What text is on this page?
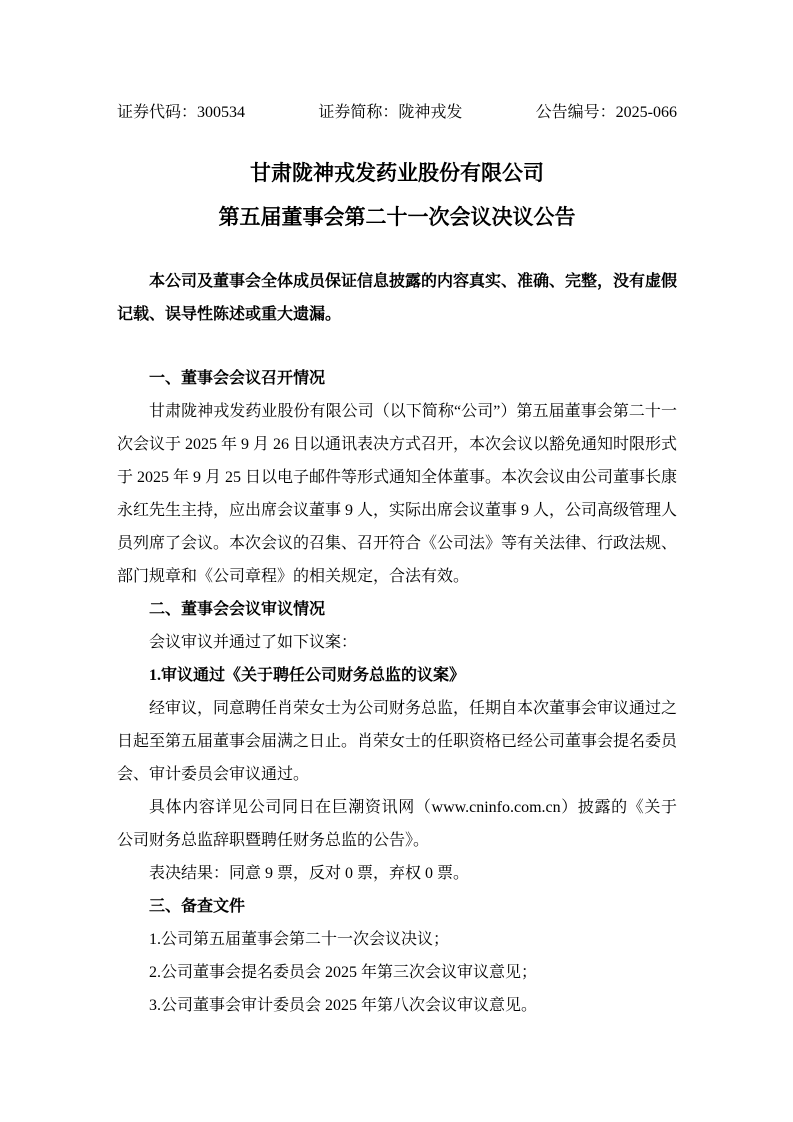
证券代码：300534	证券简称：陇神戎发	公告编号：2025-066
甘肃陇神戎发药业股份有限公司
第五届董事会第二十一次会议决议公告

本公司及董事会全体成员保证信息披露的内容真实、准确、完整，没有虚假记载、误导性陈述或重大遗漏。

一、董事会会议召开情况

甘肃陇神戎发药业股份有限公司（以下简称“公司”）第五届董事会第二十一次会议于 2025 年 9 月 26 日以通讯表决方式召开，本次会议以豁免通知时限形式于 2025 年 9 月 25 日以电子邮件等形式通知全体董事。本次会议由公司董事长康永红先生主持，应出席会议董事 9 人，实际出席会议董事 9 人，公司高级管理人员列席了会议。本次会议的召集、召开符合《公司法》等有关法律、行政法规、部门规章和《公司章程》的相关规定，合法有效。

二、董事会会议审议情况

会议审议并通过了如下议案：

1.审议通过《关于聘任公司财务总监的议案》

经审议，同意聘任肖荣女士为公司财务总监，任期自本次董事会审议通过之日起至第五届董事会届满之日止。肖荣女士的任职资格已经公司董事会提名委员会、审计委员会审议通过。

具体内容详见公司同日在巨潮资讯网（www.cninfo.com.cn）披露的《关于公司财务总监辞职暨聘任财务总监的公告》。

表决结果：同意 9 票，反对 0 票，弃权 0 票。

三、备查文件

1.公司第五届董事会第二十一次会议决议；

2.公司董事会提名委员会 2025 年第三次会议审议意见；

3.公司董事会审计委员会 2025 年第八次会议审议意见。
